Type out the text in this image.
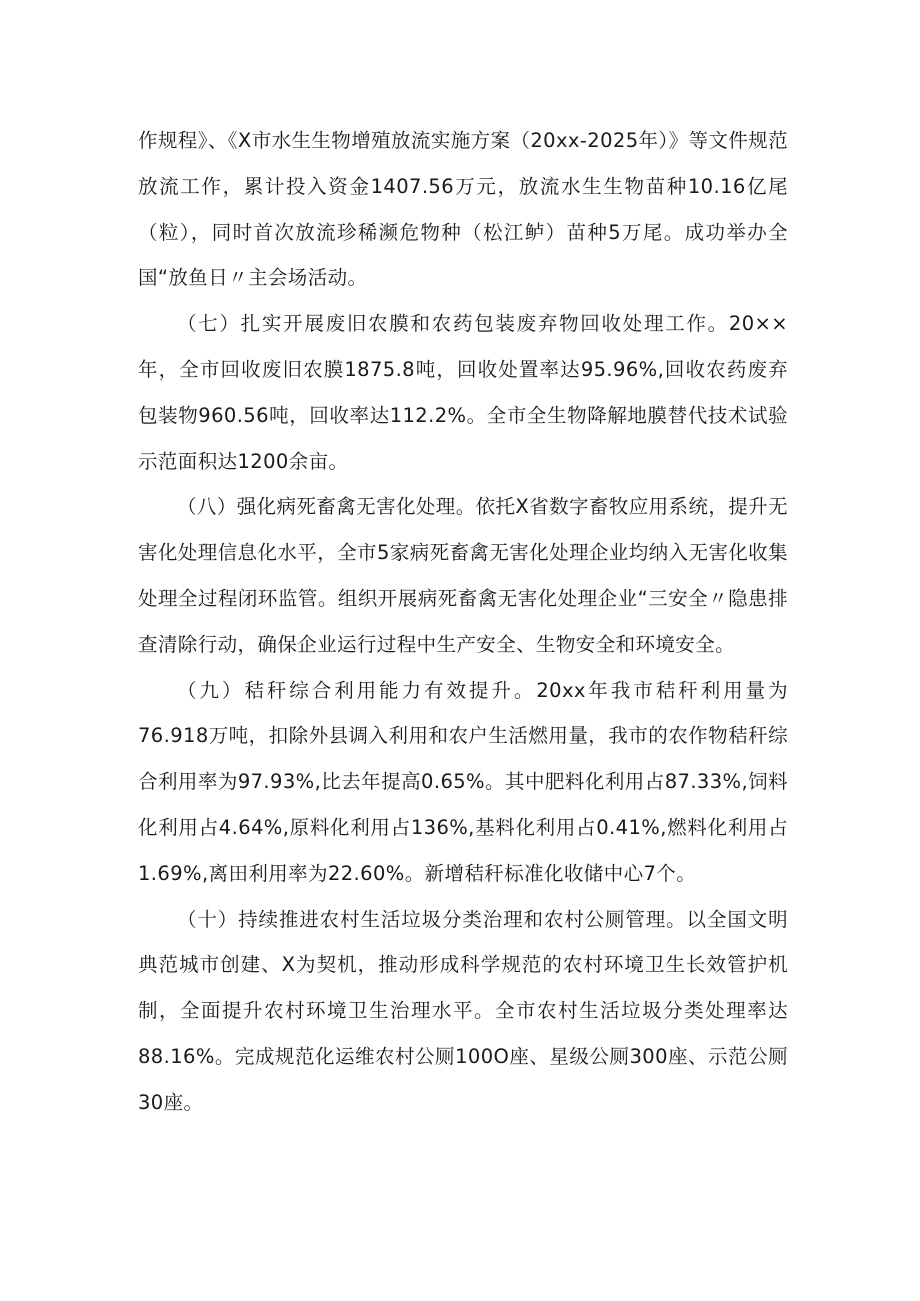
作规程》、《X市水生生物增殖放流实施方案（20xx-2025年）》等文件规范放流工作，累计投入资金1407.56万元，放流水生生物苗种10.16亿尾（粒），同时首次放流珍稀濒危物种（松江鲈）苗种5万尾。成功举办全国“放鱼日〃主会场活动。

（七）扎实开展废旧农膜和农药包装废弃物回收处理工作。20××年，全市回收废旧农膜1875.8吨，回收处置率达95.96%,回收农药废弃包装物960.56吨，回收率达112.2%。全市全生物降解地膜替代技术试验示范面积达1200余亩。

（八）强化病死畜禽无害化处理。依托X省数字畜牧应用系统，提升无害化处理信息化水平，全市5家病死畜禽无害化处理企业均纳入无害化收集处理全过程闭环监管。组织开展病死畜禽无害化处理企业“三安全〃隐患排查清除行动，确保企业运行过程中生产安全、生物安全和环境安全。

（九）秸秆综合利用能力有效提升。20xx年我市秸秆利用量为76.918万吨，扣除外县调入利用和农户生活燃用量，我市的农作物秸秆综合利用率为97.93%,比去年提高0.65%。其中肥料化利用占87.33%,饲料化利用占4.64%,原料化利用占136%,基料化利用占0.41%,燃料化利用占1.69%,离田利用率为22.60%。新增秸秆标准化收储中心7个。

（十）持续推进农村生活垃圾分类治理和农村公厕管理。以全国文明典范城市创建、X为契机，推动形成科学规范的农村环境卫生长效管护机制，全面提升农村环境卫生治理水平。全市农村生活垃圾分类处理率达88.16%。完成规范化运维农村公厕100O座、星级公厕300座、示范公厕30座。
